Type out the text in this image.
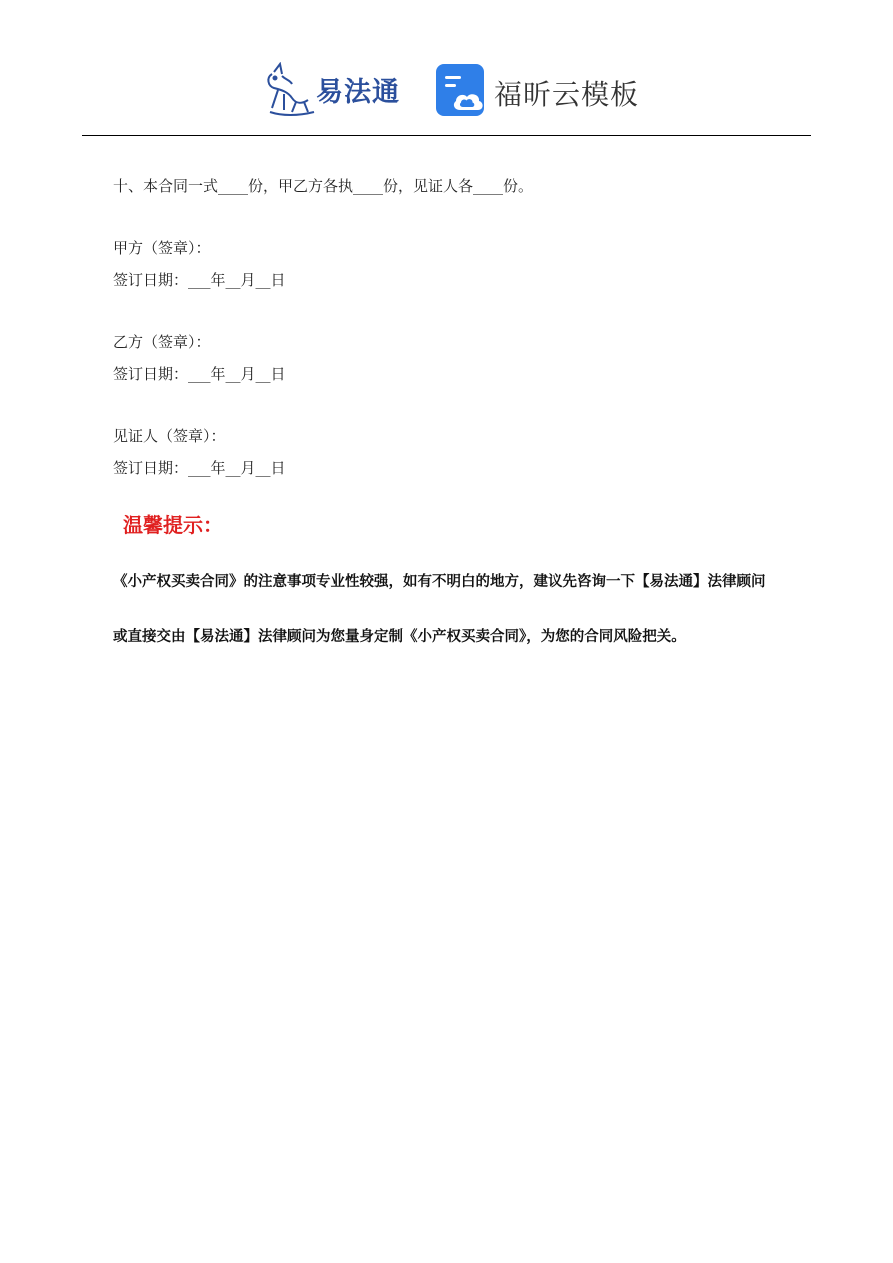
易法通	福昕云模板
十、本合同一式____份，甲乙方各执____份，见证人各____份。
甲方（签章）：
签订日期：___年__月__日
乙方（签章）：
签订日期：___年__月__日
见证人（签章）：
签订日期：___年__月__日
温馨提示：
《小产权买卖合同》的注意事项专业性较强，如有不明白的地方，建议先咨询一下【易法通】法律顾问
或直接交由【易法通】法律顾问为您量身定制《小产权买卖合同》，为您的合同风险把关。
